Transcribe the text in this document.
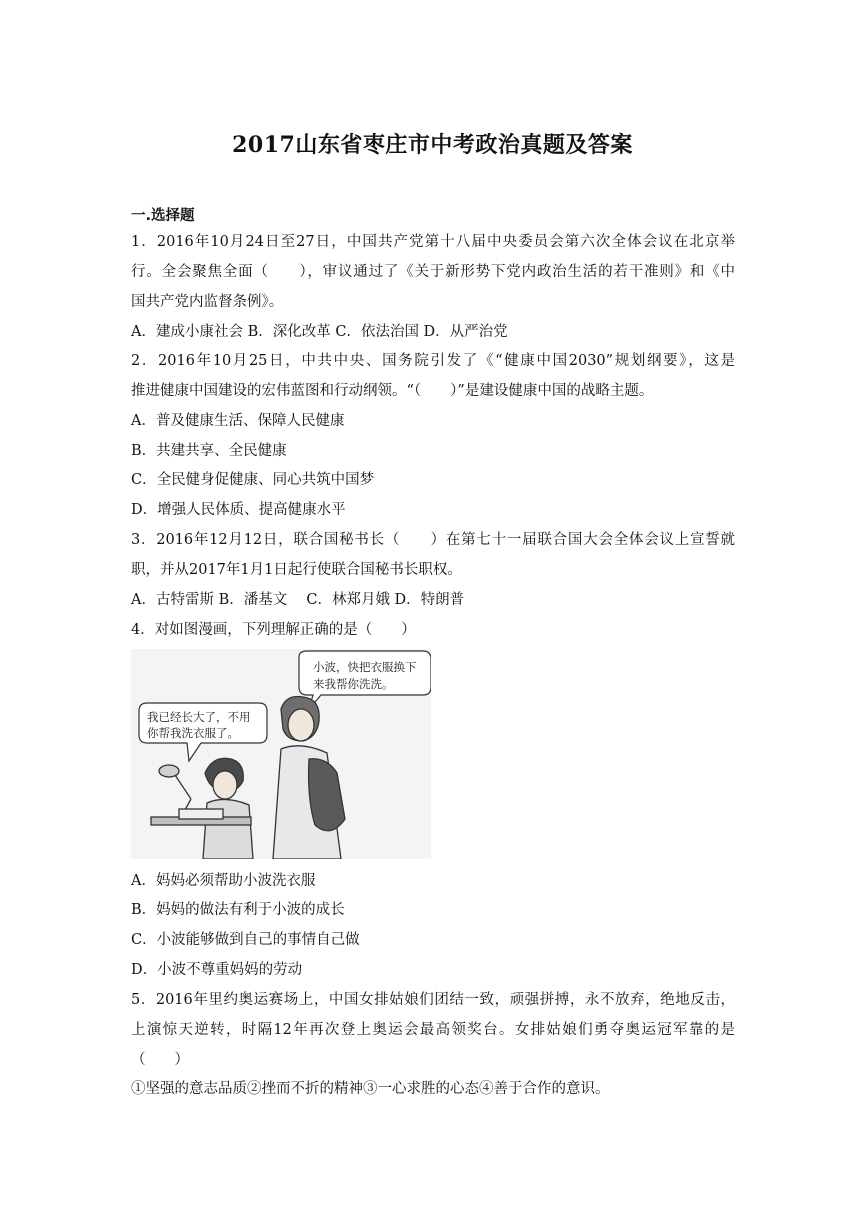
2017山东省枣庄市中考政治真题及答案
一.选择题
1．2016年10月24日至27日，中国共产党第十八届中央委员会第六次全体会议在北京举
行。全会聚焦全面（　　），审议通过了《关于新形势下党内政治生活的若干准则》和《中
国共产党内监督条例》。
A．建成小康社会 B．深化改革 C．依法治国 D．从严治党
2．2016年10月25日，中共中央、国务院引发了《“健康中国2030”规划纲要》，这是
推进健康中国建设的宏伟蓝图和行动纲领。“（　　）”是建设健康中国的战略主题。
A．普及健康生活、保障人民健康
B．共建共享、全民健康
C．全民健身促健康、同心共筑中国梦
D．增强人民体质、提高健康水平
3．2016年12月12日，联合国秘书长（　　）在第七十一届联合国大会全体会议上宣誓就
职，并从2017年1月1日起行使联合国秘书长职权。
A．古特雷斯 B．潘基文　 C．林郑月娥 D．特朗普
4．对如图漫画，下列理解正确的是（　　）
小波，快把衣服换下
来我帮你洗洗。
我已经长大了，不用
你帮我洗衣服了。
A．妈妈必须帮助小波洗衣服
B．妈妈的做法有利于小波的成长
C．小波能够做到自己的事情自己做
D．小波不尊重妈妈的劳动
5．2016年里约奥运赛场上，中国女排姑娘们团结一致，顽强拼搏，永不放弃，绝地反击，
上演惊天逆转，时隔12年再次登上奥运会最高领奖台。女排姑娘们勇夺奥运冠军靠的是
（　　）
①坚强的意志品质②挫而不折的精神③一心求胜的心态④善于合作的意识。
